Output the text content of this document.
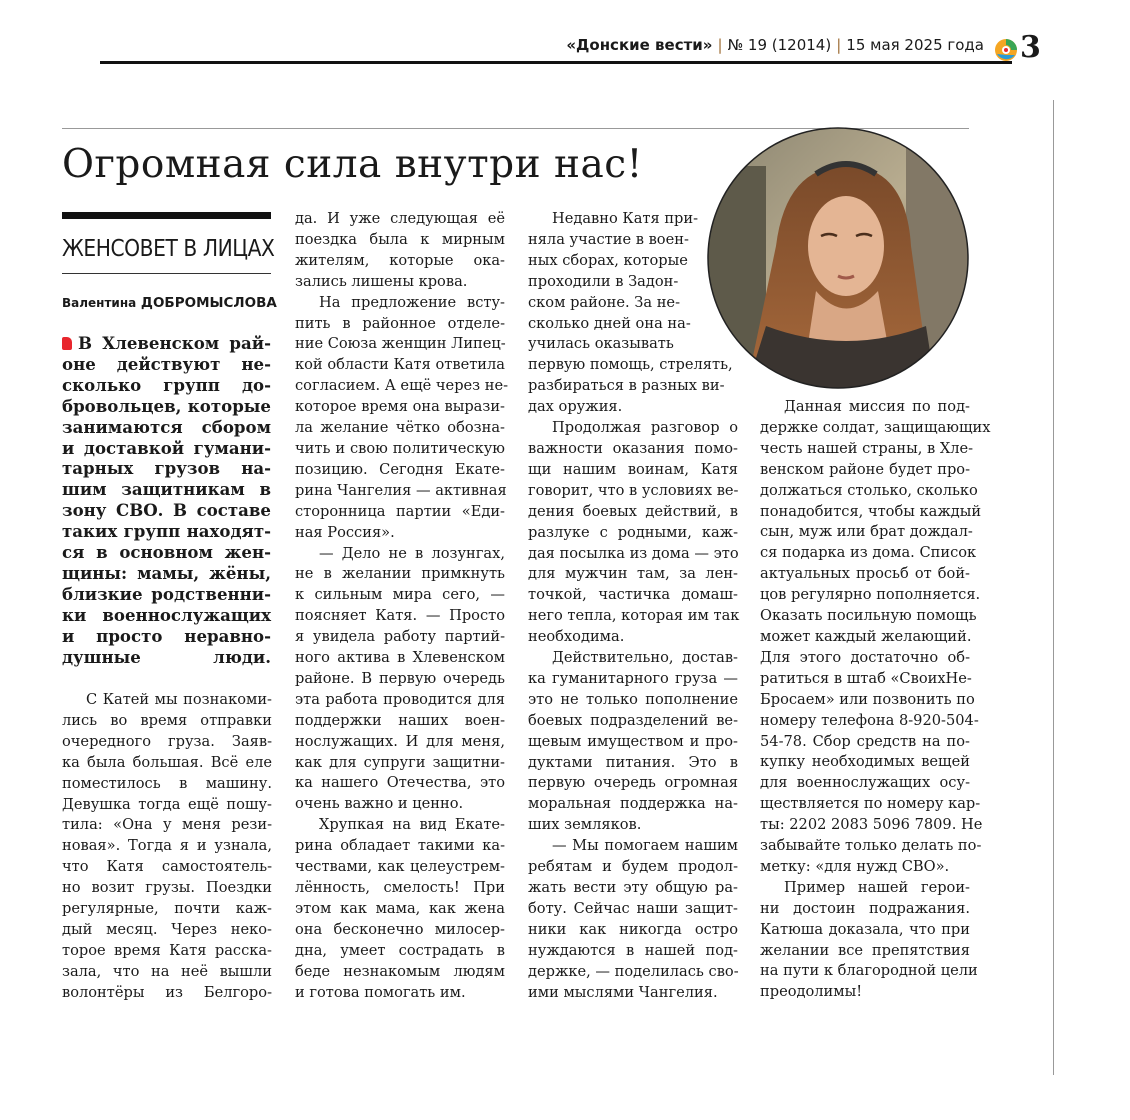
«Донские вести» | № 19 (12014) | 15 мая 2025 года 3
Огромная сила внутри нас!
ЖЕНСОВЕТ В ЛИЦАХ
Валентина ДОБРОМЫСЛОВА
В Хлевенском рай-
оне действуют не-
сколько групп до-
бровольцев, которые
занимаются сбором
и доставкой гумани-
тарных грузов на-
шим защитникам в
зону СВО. В составе
таких групп находят-
ся в основном жен-
щины: мамы, жёны,
близкие родственни-
ки военнослужащих
и просто неравно-
душные люди.
С Катей мы познакоми-
лись во время отправки
очередного груза. Заяв-
ка была большая. Всё еле
поместилось в машину.
Девушка тогда ещё пошу-
тила: «Она у меня рези-
новая». Тогда я и узнала,
что Катя самостоятель-
но возит грузы. Поездки
регулярные, почти каж-
дый месяц. Через неко-
торое время Катя расска-
зала, что на неё вышли
волонтёры из Белгоро-
да. И уже следующая её
поездка была к мирным
жителям, которые ока-
зались лишены крова.
На предложение всту-
пить в районное отделе-
ние Союза женщин Липец-
кой области Катя ответила
согласием. А ещё через не-
которое время она вырази-
ла желание чётко обозна-
чить и свою политическую
позицию. Сегодня Екате-
рина Чангелия — активная
сторонница партии «Еди-
ная Россия».
— Дело не в лозунгах,
не в желании примкнуть
к сильным мира сего, —
поясняет Катя. — Просто
я увидела работу партий-
ного актива в Хлевенском
районе. В первую очередь
эта работа проводится для
поддержки наших воен-
нослужащих. И для меня,
как для супруги защитни-
ка нашего Отечества, это
очень важно и ценно.
Хрупкая на вид Екате-
рина обладает такими ка-
чествами, как целеустрем-
лённость, смелость! При
этом как мама, как жена
она бесконечно милосер-
дна, умеет сострадать в
беде незнакомым людям
и готова помогать им.
Недавно Катя при-
няла участие в воен-
ных сборах, которые
проходили в Задон-
ском районе. За не-
сколько дней она на-
училась оказывать
первую помощь, стрелять,
разбираться в разных ви-
дах оружия.
Продолжая разговор о
важности оказания помо-
щи нашим воинам, Катя
говорит, что в условиях ве-
дения боевых действий, в
разлуке с родными, каж-
дая посылка из дома — это
для мужчин там, за лен-
точкой, частичка домаш-
него тепла, которая им так
необходима.
Действительно, достав-
ка гуманитарного груза —
это не только пополнение
боевых подразделений ве-
щевым имуществом и про-
дуктами питания. Это в
первую очередь огромная
моральная поддержка на-
ших земляков.
— Мы помогаем нашим
ребятам и будем продол-
жать вести эту общую ра-
боту. Сейчас наши защит-
ники как никогда остро
нуждаются в нашей под-
держке, — поделилась сво-
ими мыслями Чангелия.
Данная миссия по под-
держке солдат, защищающих
честь нашей страны, в Хле-
венском районе будет про-
должаться столько, сколько
понадобится, чтобы каждый
сын, муж или брат дождал-
ся подарка из дома. Список
актуальных просьб от бой-
цов регулярно пополняется.
Оказать посильную помощь
может каждый желающий.
Для этого достаточно об-
ратиться в штаб «СвоихНе-
Бросаем» или позвонить по
номеру телефона 8-920-504-
54-78. Сбор средств на по-
купку необходимых вещей
для военнослужащих осу-
ществляется по номеру кар-
ты: 2202 2083 5096 7809. Не
забывайте только делать по-
метку: «для нужд СВО».
Пример нашей герои-
ни достоин подражания.
Катюша доказала, что при
желании все препятствия
на пути к благородной цели
преодолимы!
